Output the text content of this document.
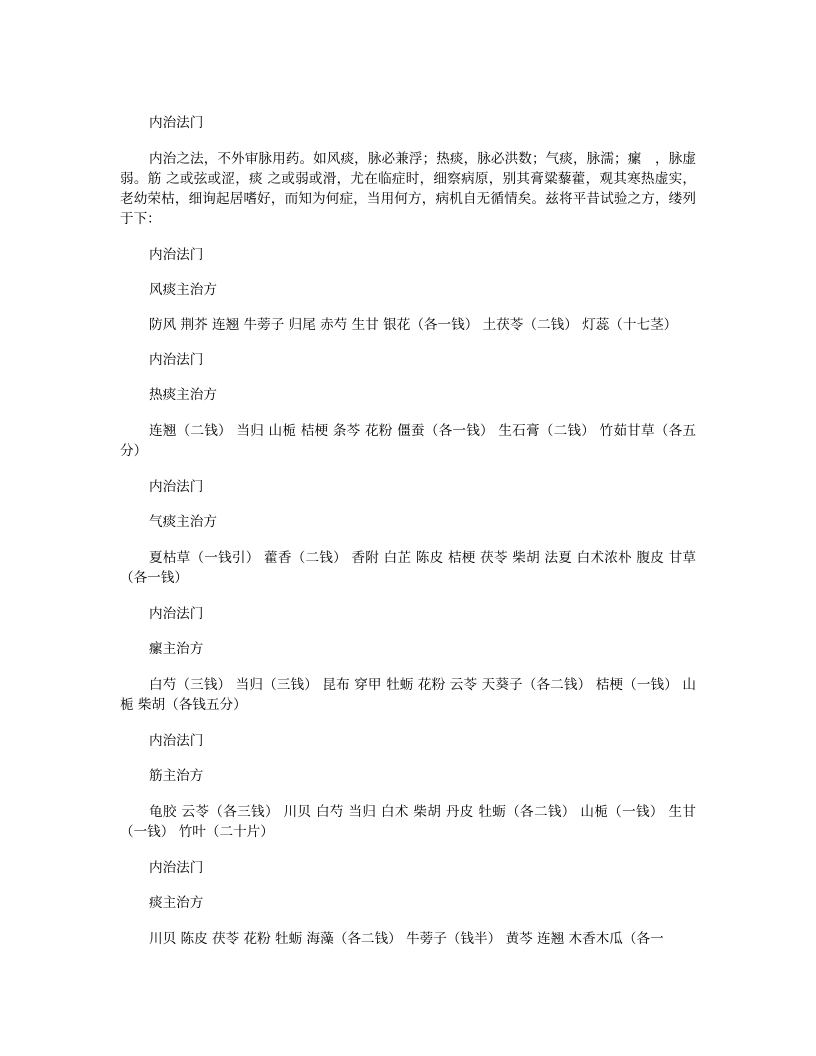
内治法门

内治之法，不外审脉用药。如风痰，脉必兼浮；热痰，脉必洪数；气痰，脉濡；瘰　，脉虚弱。筋 之或弦或涩，痰 之或弱或滑，尤在临症时，细察病原，别其膏粱藜藿，观其寒热虚实，老幼荣枯，细询起居嗜好，而知为何症，当用何方，病机自无循情矣。兹将平昔试验之方，缕列于下：

内治法门

风痰主治方

防风 荆芥 连翘 牛蒡子 归尾 赤芍 生甘 银花（各一钱） 土茯苓（二钱） 灯蕊（十七茎）

内治法门

热痰主治方

连翘（二钱） 当归 山栀 桔梗 条芩 花粉 僵蚕（各一钱） 生石膏（二钱） 竹茹甘草（各五分）

内治法门

气痰主治方

夏枯草（一钱引） 藿香（二钱） 香附 白芷 陈皮 桔梗 茯苓 柴胡 法夏 白术浓朴 腹皮 甘草（各一钱）

内治法门

瘰主治方

白芍（三钱） 当归（三钱） 昆布 穿甲 牡蛎 花粉 云苓 天葵子（各二钱） 桔梗（一钱） 山栀 柴胡（各钱五分）

内治法门

筋主治方

龟胶 云苓（各三钱） 川贝 白芍 当归 白术 柴胡 丹皮 牡蛎（各二钱） 山栀（一钱） 生甘（一钱） 竹叶（二十片）

内治法门

痰主治方

川贝 陈皮 茯苓 花粉 牡蛎 海藻（各二钱） 牛蒡子（钱半） 黄芩 连翘 木香木瓜（各一
